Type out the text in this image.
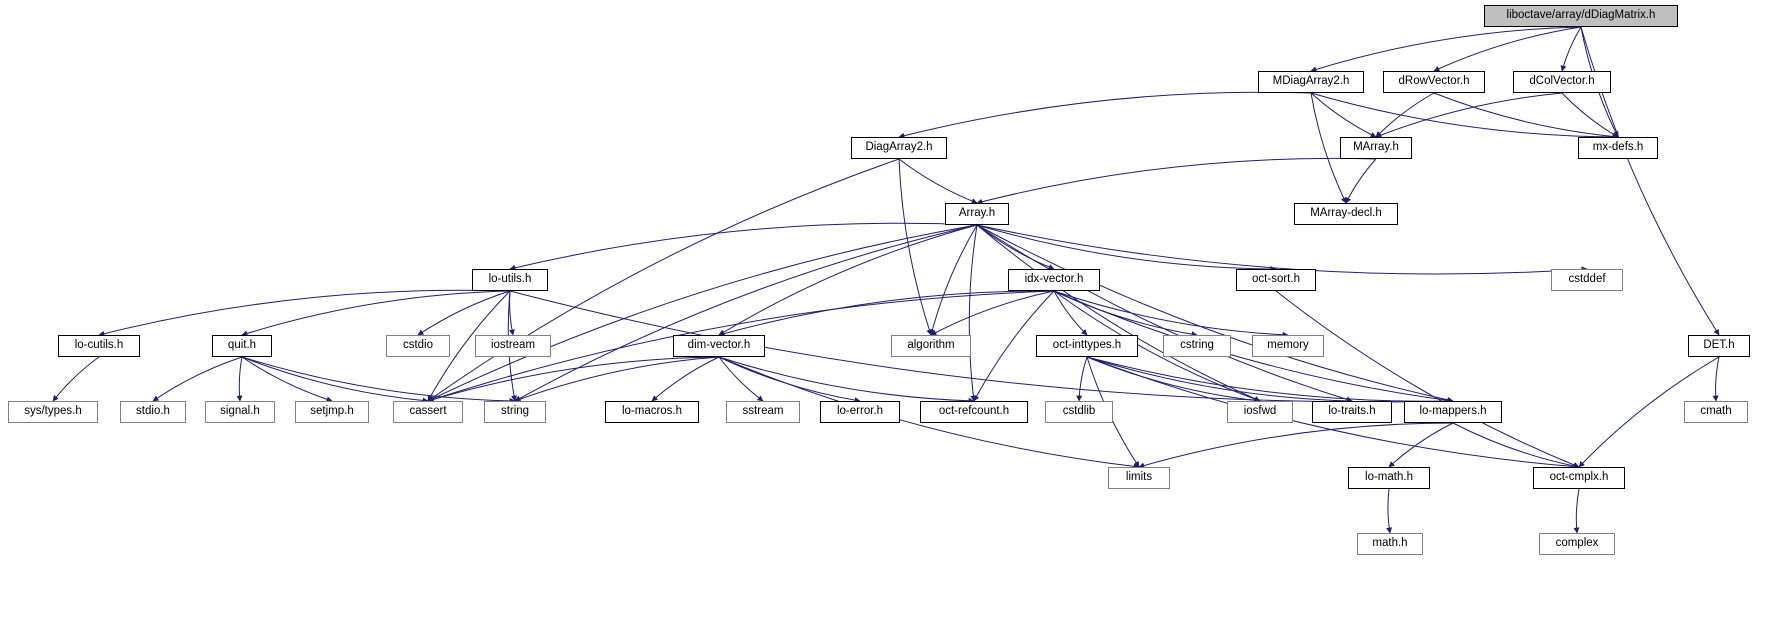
liboctave/array/dDiagMatrix.h
MDiagArray2.h	dRowVector.h	dColVector.h
DiagArray2.h	MArray.h	mx-defs.h
MArray-decl.h
Array.h
lo-utils.h	idx-vector.h	oct-sort.h	cstddef
lo-cutils.h	quit.h	cstdio	iostream	dim-vector.h	algorithm	oct-inttypes.h	cstring	memory	DET.h
sys/types.h	stdio.h	signal.h	setjmp.h	cassert	string	lo-macros.h	sstream	lo-error.h	oct-refcount.h	cstdlib	iosfwd	lo-traits.h	lo-mappers.h	cmath
limits	lo-math.h	oct-cmplx.h
math.h	complex
